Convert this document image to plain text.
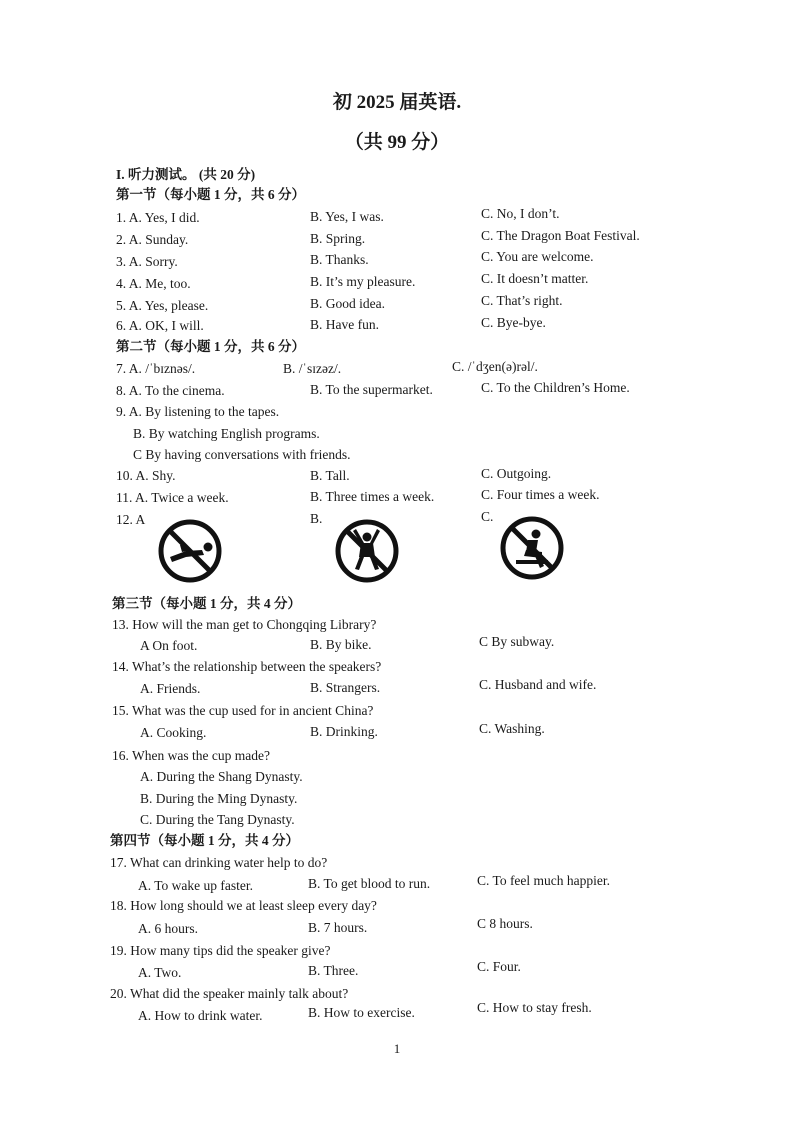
初 2025 届英语.
（共 99 分）
I. 听力测试。 (共 20 分)
第一节（每小题 1 分，共 6 分）
1. A. Yes, I did.	B. Yes, I was.	C. No, I don’t.
2. A. Sunday.	B. Spring.	C. The Dragon Boat Festival.
3. A. Sorry.	B. Thanks.	C. You are welcome.
4. A. Me, too.	B. It’s my pleasure.	C. It doesn’t matter.
5. A. Yes, please.	B. Good idea.	C. That’s right.
6. A. OK, I will.	B. Have fun.	C. Bye-bye.
第二节（每小题 1 分，共 6 分）
7. A. /ˈbɪznəs/.	B. /ˈsɪzəz/.	C. /ˈdʒen(ə)rəl/.
8. A. To the cinema.	B. To the supermarket.	C. To the Children’s Home.
9. A. By listening to the tapes.
B. By watching English programs.
C By having conversations with friends.
10. A. Shy.	B. Tall.	C. Outgoing.
11. A. Twice a week.	B. Three times a week.	C. Four times a week.
12. A	B.	C.
第三节（每小题 1 分，共 4 分）
13. How will the man get to Chongqing Library?
A On foot.	B. By bike.	C By subway.
14. What’s the relationship between the speakers?
A. Friends.	B. Strangers.	C. Husband and wife.
15. What was the cup used for in ancient China?
A. Cooking.	B. Drinking.	C. Washing.
16. When was the cup made?
A. During the Shang Dynasty.
B. During the Ming Dynasty.
C. During the Tang Dynasty.
第四节（每小题 1 分，共 4 分）
17. What can drinking water help to do?
A. To wake up faster.	B. To get blood to run.	C. To feel much happier.
18. How long should we at least sleep every day?
A. 6 hours.	B. 7 hours.	C 8 hours.
19. How many tips did the speaker give?
A. Two.	B. Three.	C. Four.
20. What did the speaker mainly talk about?
A. How to drink water.	B. How to exercise.	C. How to stay fresh.
1
